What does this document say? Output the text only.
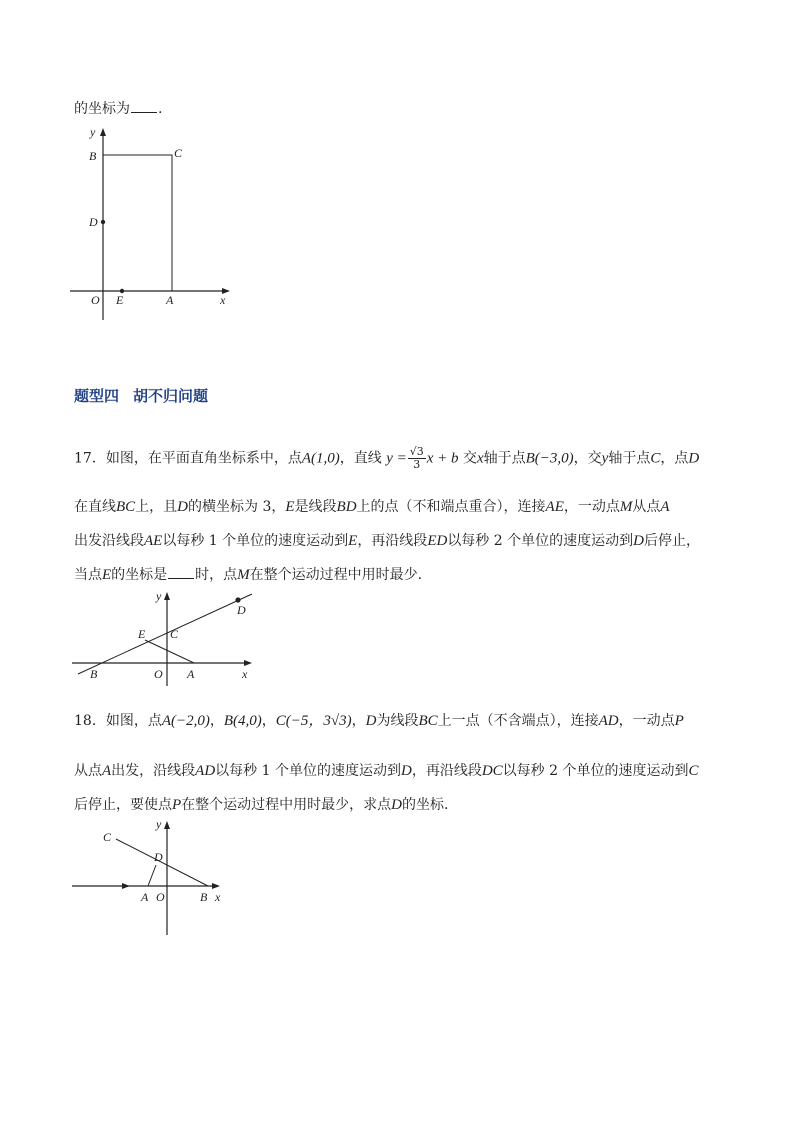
的坐标为 .
y
B	C
D
O E	A	x
题型四 胡不归问题
17．如图，在平面直角坐标系中，点A(1,0)，直线 $y = \frac{√3}{3}$ x + b 交x轴于点B(−3,0)，交y轴于点C，点D
在直线BC上，且D的横坐标为 3，E是线段BD上的点（不和端点重合），连接AE，一动点M从点A
出发沿线段AE以每秒 1 个单位的速度运动到E，再沿线段ED以每秒 2 个单位的速度运动到D后停止，
当点E的坐标是 时，点M在整个运动过程中用时最少.
y
D
E C
B	O A	x
18．如图，点A(−2,0)，B(4,0)，C(−5，3√3)，D为线段BC上一点（不含端点），连接AD，一动点P
从点A出发，沿线段AD以每秒 1 个单位的速度运动到D，再沿线段DC以每秒 2 个单位的速度运动到C
后停止，要使点P在整个运动过程中用时最少，求点D的坐标.
y
C
D
A O	B x
